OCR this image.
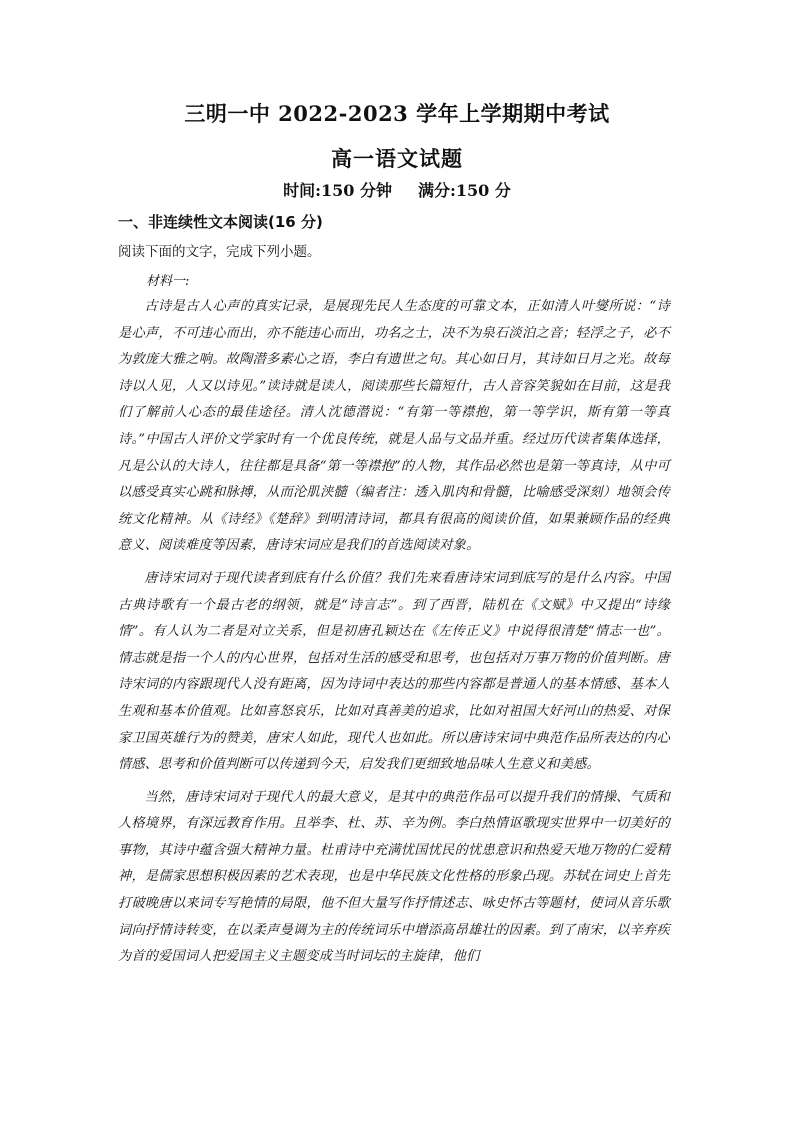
三明一中 2022-2023 学年上学期期中考试
高一语文试题
时间:150 分钟 满分:150 分
一、非连续性文本阅读(16 分)
阅读下面的文字，完成下列小题。
材料一:

古诗是古人心声的真实记录，是展现先民人生态度的可靠文本，正如清人叶燮所说：“诗是心声，不可违心而出，亦不能违心而出，功名之士，决不为泉石淡泊之音；轻浮之子，必不为敦庞大雅之响。故陶潜多素心之语，李白有遗世之句。其心如日月，其诗如日月之光。故每诗以人见，人又以诗见。”读诗就是读人，阅读那些长篇短什，古人音容笑貌如在目前，这是我们了解前人心态的最佳途径。清人沈德潜说：“有第一等襟抱，第一等学识，斯有第一等真诗。”中国古人评价文学家时有一个优良传统，就是人品与文品并重。经过历代读者集体选择，凡是公认的大诗人，往往都是具备“第一等襟抱”的人物，其作品必然也是第一等真诗，从中可以感受真实心跳和脉搏，从而沦肌浃髓（编者注：透入肌肉和骨髓，比喻感受深刻）地领会传统文化精神。从《诗经》《楚辞》到明清诗词，都具有很高的阅读价值，如果兼顾作品的经典意义、阅读难度等因素，唐诗宋词应是我们的首选阅读对象。

唐诗宋词对于现代读者到底有什么价值？我们先来看唐诗宋词到底写的是什么内容。中国古典诗歌有一个最古老的纲领，就是“诗言志”。到了西晋，陆机在《文赋》中又提出“诗缘情”。有人认为二者是对立关系，但是初唐孔颖达在《左传正义》中说得很清楚“情志一也”。情志就是指一个人的内心世界，包括对生活的感受和思考，也包括对万事万物的价值判断。唐诗宋词的内容跟现代人没有距离，因为诗词中表达的那些内容都是普通人的基本情感、基本人生观和基本价值观。比如喜怒哀乐，比如对真善美的追求，比如对祖国大好河山的热爱、对保家卫国英雄行为的赞美，唐宋人如此，现代人也如此。所以唐诗宋词中典范作品所表达的内心情感、思考和价值判断可以传递到今天，启发我们更细致地品味人生意义和美感。

当然，唐诗宋词对于现代人的最大意义，是其中的典范作品可以提升我们的情操、气质和人格境界，有深远教育作用。且举李、杜、苏、辛为例。李白热情讴歌现实世界中一切美好的事物，其诗中蕴含强大精神力量。杜甫诗中充满忧国忧民的忧患意识和热爱天地万物的仁爱精神，是儒家思想积极因素的艺术表现，也是中华民族文化性格的形象凸现。苏轼在词史上首先打破晚唐以来词专写艳情的局限，他不但大量写作抒情述志、咏史怀古等题材，使词从音乐歌词向抒情诗转变，在以柔声曼调为主的传统词乐中增添高昂雄壮的因素。到了南宋，以辛弃疾为首的爱国词人把爱国主义主题变成当时词坛的主旋律，他们
